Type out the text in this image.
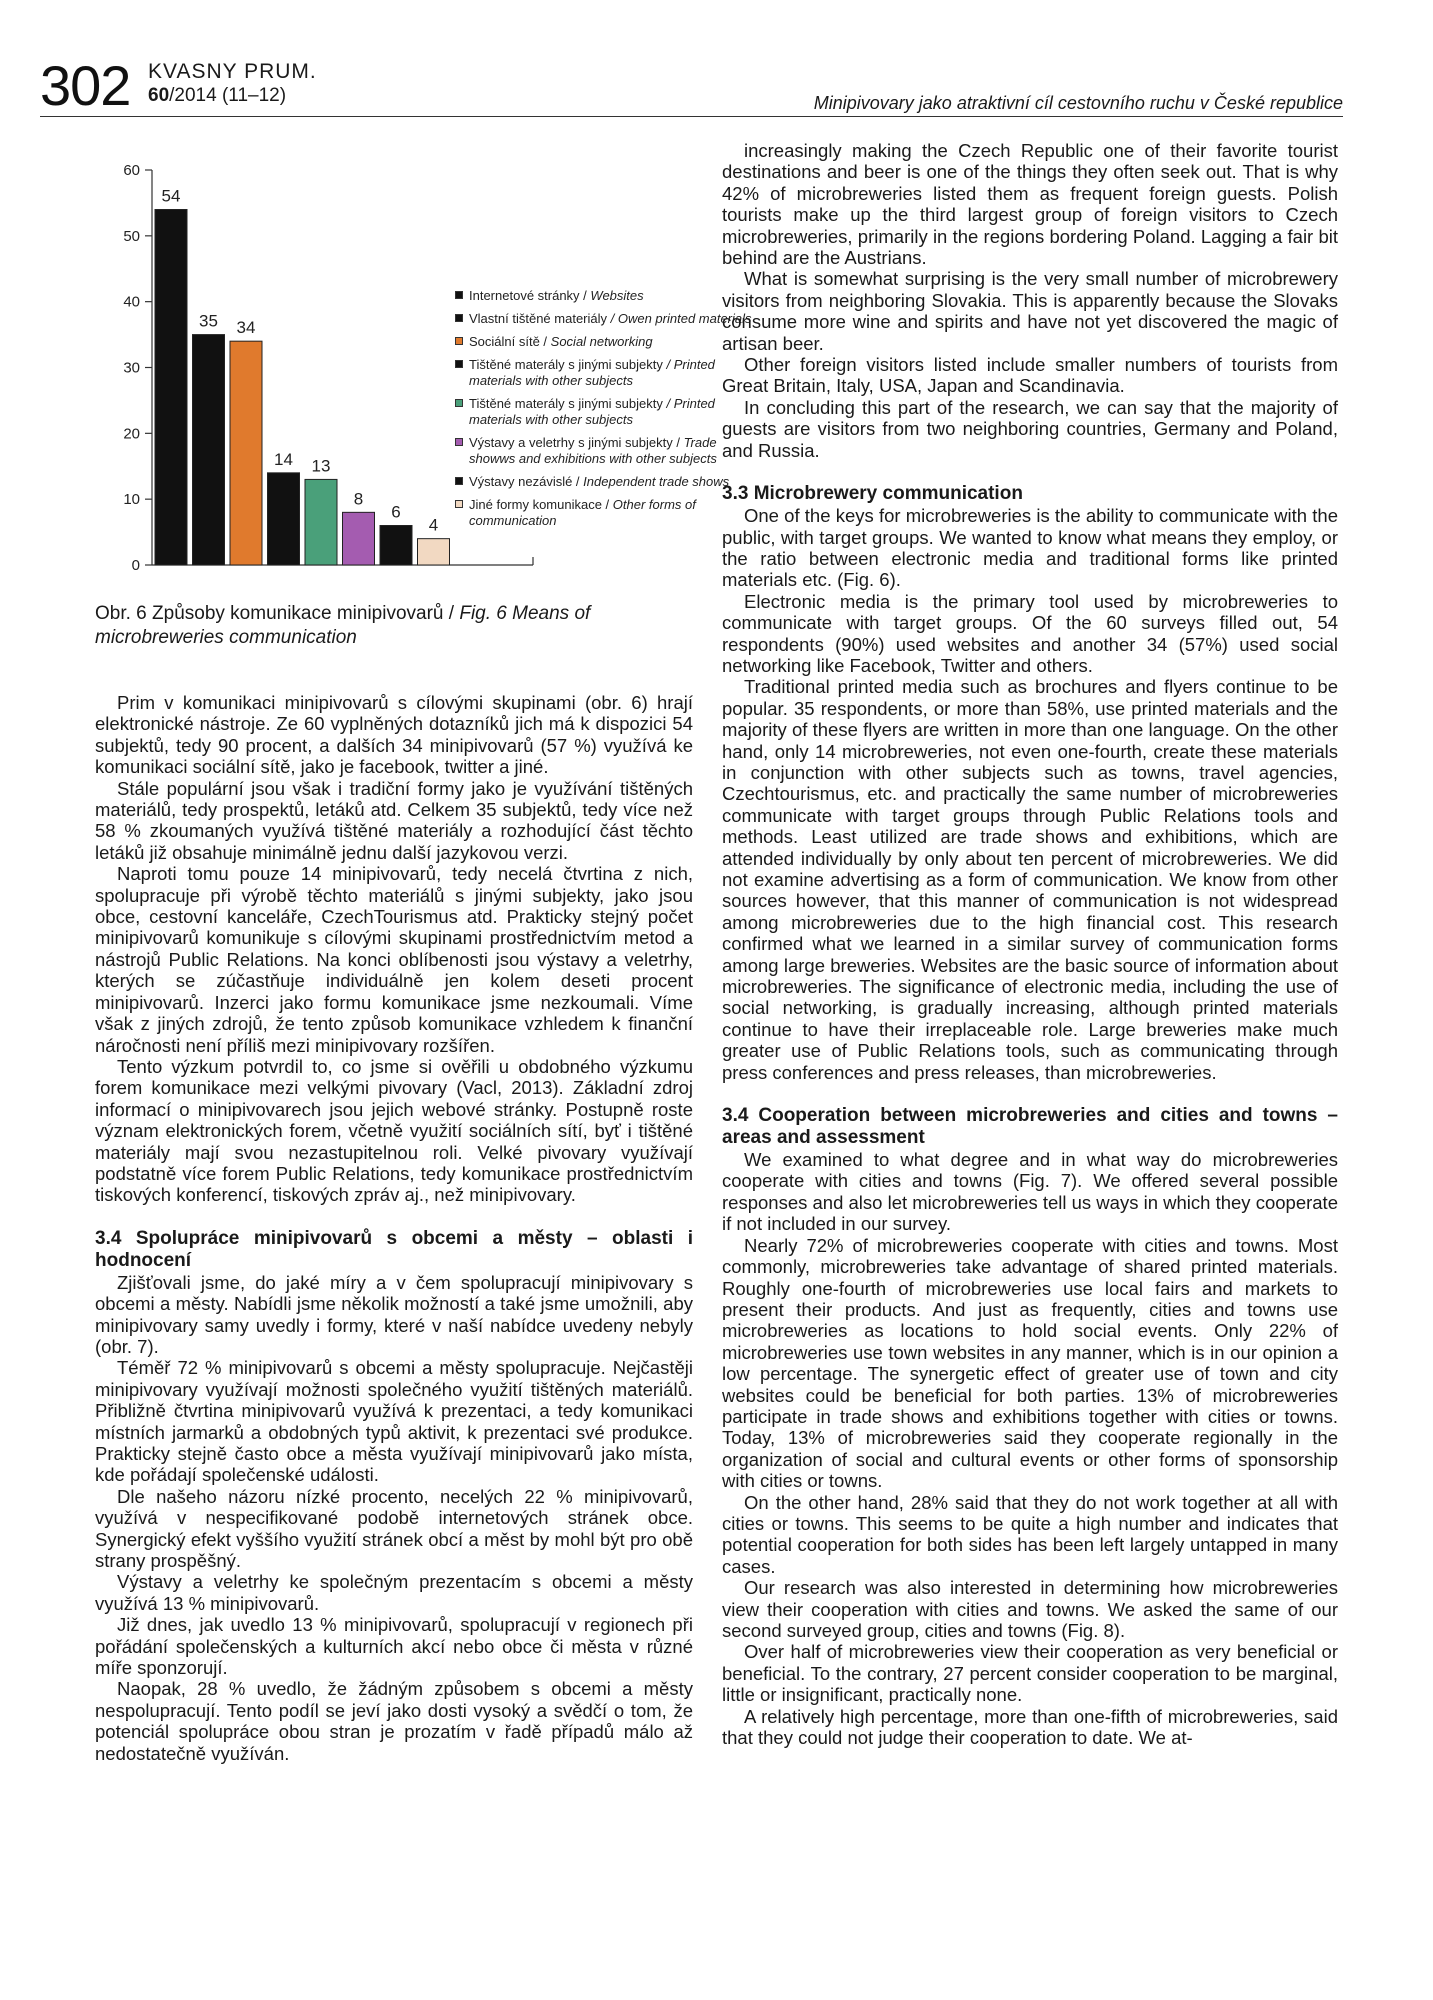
302 KVASNY PRUM.
60/2014 (11–12)	Minipivovary jako atraktivní cíl cestovního ruchu v České republice
0
10
20
30
40
50
60
54
35 34
14 13
8
6
4
Internetové stránky / Websites
Vlastní tištěné materiály / Owen printed materials
Sociální sítě / Social networking
Tištěné materály s jinými subjekty / Printed materials with other subjects
Tištěné materály s jinými subjekty / Printed materials with other subjects
Výstavy a veletrhy s jinými subjekty / Trade showws and exhibitions with other subjects
Výstavy nezávislé / Independent trade shows
Jiné formy komunikace / Other forms of communication
Obr. 6 Způsoby komunikace minipivovarů / Fig. 6 Means of microbreweries communication

Prim v komunikaci minipivovarů s cílovými skupinami (obr. 6) hrají elektronické nástroje. Ze 60 vyplněných dotazníků jich má k dispozici 54 subjektů, tedy 90 procent, a dalších 34 minipivovarů (57 %) využívá ke komunikaci sociální sítě, jako je facebook, twitter a jiné.

Stále populární jsou však i tradiční formy jako je využívání tištěných materiálů, tedy prospektů, letáků atd. Celkem 35 subjektů, tedy více než 58 % zkoumaných využívá tištěné materiály a rozhodující část těchto letáků již obsahuje minimálně jednu další jazykovou verzi.

Naproti tomu pouze 14 minipivovarů, tedy necelá čtvrtina z nich, spolupracuje při výrobě těchto materiálů s jinými subjekty, jako jsou obce, cestovní kanceláře, CzechTourismus atd. Prakticky stejný počet minipivovarů komunikuje s cílovými skupinami prostřednictvím metod a nástrojů Public Relations. Na konci oblíbenosti jsou výstavy a veletrhy, kterých se zúčastňuje individuálně jen kolem deseti procent minipivovarů. Inzerci jako formu komunikace jsme nezkoumali. Víme však z jiných zdrojů, že tento způsob komunikace vzhledem k finanční náročnosti není příliš mezi minipivovary rozšířen.

Tento výzkum potvrdil to, co jsme si ověřili u obdobného výzkumu forem komunikace mezi velkými pivovary (Vacl, 2013). Základní zdroj informací o minipivovarech jsou jejich webové stránky. Postupně roste význam elektronických forem, včetně využití sociálních sítí, byť i tištěné materiály mají svou nezastupitelnou roli. Velké pivovary využívají podstatně více forem Public Relations, tedy komunikace prostřednictvím tiskových konferencí, tiskových zpráv aj., než minipivovary.

3.4 Spolupráce minipivovarů s obcemi a městy – oblasti i hodnocení

Zjišťovali jsme, do jaké míry a v čem spolupracují minipivovary s obcemi a městy. Nabídli jsme několik možností a také jsme umožnili, aby minipivovary samy uvedly i formy, které v naší nabídce uvedeny nebyly (obr. 7).

Téměř 72 % minipivovarů s obcemi a městy spolupracuje. Nejčastěji minipivovary využívají možnosti společného využití tištěných materiálů. Přibližně čtvrtina minipivovarů využívá k prezentaci, a tedy komunikaci místních jarmarků a obdobných typů aktivit, k prezentaci své produkce. Prakticky stejně často obce a města využívají minipivovarů jako místa, kde pořádají společenské události.

Dle našeho názoru nízké procento, necelých 22 % minipivovarů, využívá v nespecifikované podobě internetových stránek obce. Synergický efekt vyššího využití stránek obcí a měst by mohl být pro obě strany prospěšný.

Výstavy a veletrhy ke společným prezentacím s obcemi a městy využívá 13 % minipivovarů.

Již dnes, jak uvedlo 13 % minipivovarů, spolupracují v regionech při pořádání společenských a kulturních akcí nebo obce či města v různé míře sponzorují.

Naopak, 28 % uvedlo, že žádným způsobem s obcemi a městy nespolupracují. Tento podíl se jeví jako dosti vysoký a svědčí o tom, že potenciál spolupráce obou stran je prozatím v řadě případů málo až nedostatečně využíván.

increasingly making the Czech Republic one of their favorite tourist destinations and beer is one of the things they often seek out. That is why 42% of microbreweries listed them as frequent foreign guests. Polish tourists make up the third largest group of foreign visitors to Czech microbreweries, primarily in the regions bordering Poland. Lagging a fair bit behind are the Austrians.

What is somewhat surprising is the very small number of microbrewery visitors from neighboring Slovakia. This is apparently because the Slovaks consume more wine and spirits and have not yet discovered the magic of artisan beer.

Other foreign visitors listed include smaller numbers of tourists from Great Britain, Italy, USA, Japan and Scandinavia.

In concluding this part of the research, we can say that the majority of guests are visitors from two neighboring countries, Germany and Poland, and Russia.

3.3 Microbrewery communication

One of the keys for microbreweries is the ability to communicate with the public, with target groups. We wanted to know what means they employ, or the ratio between electronic media and traditional forms like printed materials etc. (Fig. 6).

Electronic media is the primary tool used by microbreweries to communicate with target groups. Of the 60 surveys filled out, 54 respondents (90%) used websites and another 34 (57%) used social networking like Facebook, Twitter and others.

Traditional printed media such as brochures and flyers continue to be popular. 35 respondents, or more than 58%, use printed materials and the majority of these flyers are written in more than one language. On the other hand, only 14 microbreweries, not even one-fourth, create these materials in conjunction with other subjects such as towns, travel agencies, Czechtourismus, etc. and practically the same number of microbreweries communicate with target groups through Public Relations tools and methods. Least utilized are trade shows and exhibitions, which are attended individually by only about ten percent of microbreweries. We did not examine advertising as a form of communication. We know from other sources however, that this manner of communication is not widespread among microbreweries due to the high financial cost. This research confirmed what we learned in a similar survey of communication forms among large breweries. Websites are the basic source of information about microbreweries. The significance of electronic media, including the use of social networking, is gradually increasing, although printed materials continue to have their irreplaceable role. Large breweries make much greater use of Public Relations tools, such as communicating through press conferences and press releases, than microbreweries.

3.4 Cooperation between microbreweries and cities and towns – areas and assessment

We examined to what degree and in what way do microbreweries cooperate with cities and towns (Fig. 7). We offered several possible responses and also let microbreweries tell us ways in which they cooperate if not included in our survey.

Nearly 72% of microbreweries cooperate with cities and towns. Most commonly, microbreweries take advantage of shared printed materials. Roughly one-fourth of microbreweries use local fairs and markets to present their products. And just as frequently, cities and towns use microbreweries as locations to hold social events. Only 22% of microbreweries use town websites in any manner, which is in our opinion a low percentage. The synergetic effect of greater use of town and city websites could be beneficial for both parties. 13% of microbreweries participate in trade shows and exhibitions together with cities or towns. Today, 13% of microbreweries said they cooperate regionally in the organization of social and cultural events or other forms of sponsorship with cities or towns.

On the other hand, 28% said that they do not work together at all with cities or towns. This seems to be quite a high number and indicates that potential cooperation for both sides has been left largely untapped in many cases.

Our research was also interested in determining how microbreweries view their cooperation with cities and towns. We asked the same of our second surveyed group, cities and towns (Fig. 8).

Over half of microbreweries view their cooperation as very beneficial or beneficial. To the contrary, 27 percent consider cooperation to be marginal, little or insignificant, practically none.

A relatively high percentage, more than one-fifth of microbreweries, said that they could not judge their cooperation to date. We at-
